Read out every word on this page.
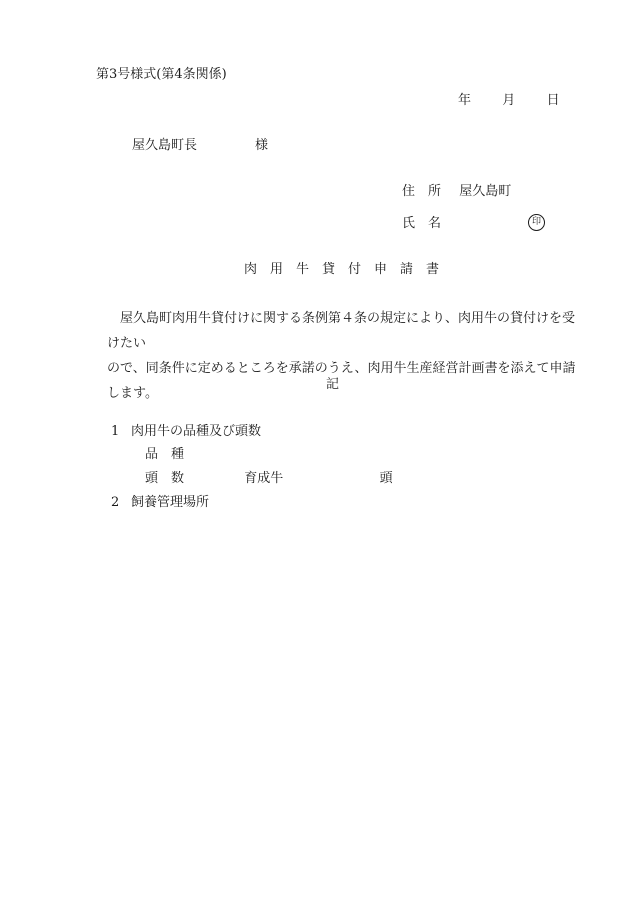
第3号様式(第4条関係)
年 月 日
屋久島町長	様
住　所 屋久島町
氏　名	印
肉　用　牛　貸　付　申　請　書
屋久島町肉用牛貸付けに関する条例第４条の規定により、肉用牛の貸付けを受けたい
ので、同条件に定めるところを承諾のうえ、肉用牛生産経営計画書を添えて申請します。
記
1 肉用牛の品種及び頭数
品　種
頭　数	育成牛	頭
2 飼養管理場所
